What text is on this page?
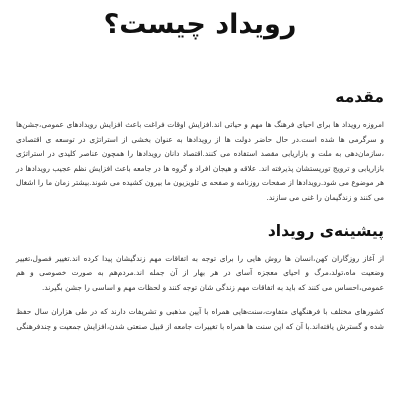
رویداد چیست؟
مقدمه

امروزه رویداد ها برای احیای فرهنگ ها مهم و حیاتی اند.افزایش اوقات فراغت باعث افزایش رویدادهای عمومی،جشن‌ها و سرگرمی ها شده است.در حال حاضر دولت ها از رویدادها به عنوان بخشی از استراتژی در توسعه ی اقتصادی ،سازمان‌دهی به ملت و بازاریابی مقصد استفاده می کنند.اقتصاد دانان رویدادها را همچون عناصر کلیدی در استراتژی بازاریابی و ترویج توریستشان پذیرفته اند. علاقه و هیجان افراد و گروه ها در جامعه باعث افزایش نظم عجیب رویدادها در هر موضوع می شود.رویدادها از صفحات روزنامه و صفحه ی تلویزیون ما بیرون کشیده می شوند.بیشتر زمان ما را اشغال می کنند و زندگیمان را غنی می سازند.

پیشینه‌ی رویداد

از آغاز روزگاران کهن،انسان ها روش هایی را برای توجه به اتفاقات مهم زندگیشان پیدا کرده اند.تغییر فصول،تغییر وضعیت ماه،تولد،مرگ و احیای معجزه آسای در هر بهار از آن جمله اند.مردم‌هم به صورت خصوصی و هم عمومی،احساس می کنند که باید به اتفاقات مهم زندگی شان توجه کنند و لحظات مهم و اساسی را جشن بگیرند.

کشورهای مختلف با فرهنگهای متفاوت،سنت‌هایی همراه با آیین مذهبی و تشریفات دارند که در طی هزاران سال حفظ شده و گسترش یافته‌اند.با آن که این سنت ها همراه با تغییرات جامعه از قبیل صنعتی شدن،افزایش جمعیت و چندفرهنگی
